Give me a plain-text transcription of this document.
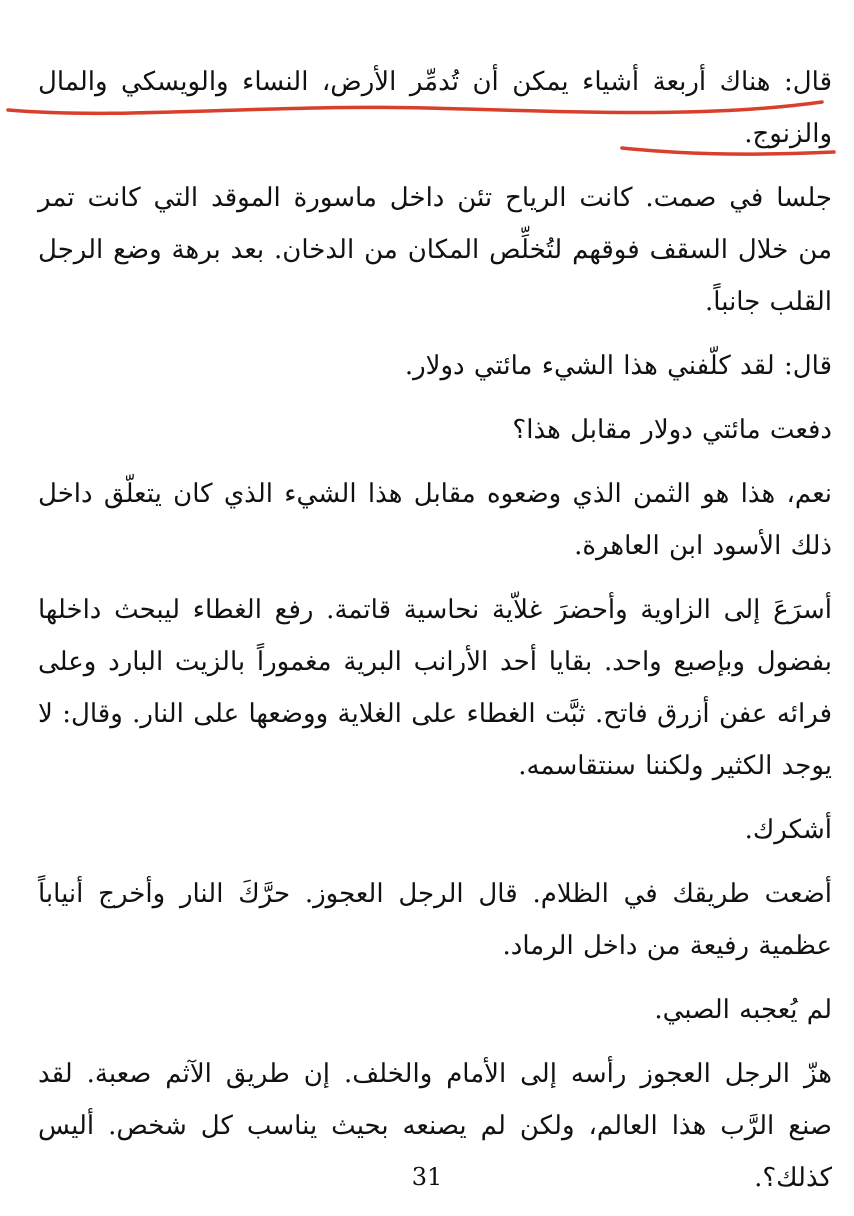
قال: هناك أربعة أشياء يمكن أن تُدمِّر الأرض، النساء والويسكي والمال والزنوج.

جلسا في صمت. كانت الرياح تئن داخل ماسورة الموقد التي كانت تمر من خلال السقف فوقهم لتُخلِّص المكان من الدخان. بعد برهة وضع الرجل القلب جانباً.

قال: لقد كلّفني هذا الشيء مائتي دولار.

دفعت مائتي دولار مقابل هذا؟

نعم، هذا هو الثمن الذي وضعوه مقابل هذا الشيء الذي كان يتعلّق داخل ذلك الأسود ابن العاهرة.

أسرَعَ إلى الزاوية وأحضرَ غلاّية نحاسية قاتمة. رفع الغطاء ليبحث داخلها بفضول وبإصبع واحد. بقايا أحد الأرانب البرية مغموراً بالزيت البارد وعلى فرائه عفن أزرق فاتح. ثبَّت الغطاء على الغلاية ووضعها على النار. وقال: لا يوجد الكثير ولكننا سنتقاسمه.

أشكرك.

أضعت طريقك في الظلام. قال الرجل العجوز. حرَّكَ النار وأخرج أنياباً عظمية رفيعة من داخل الرماد.

لم يُعجبه الصبي.

هزّ الرجل العجوز رأسه إلى الأمام والخلف. إن طريق الآثم صعبة. لقد صنع الرَّب هذا العالم، ولكن لم يصنعه بحيث يناسب كل شخص. أليس كذلك؟.

31
